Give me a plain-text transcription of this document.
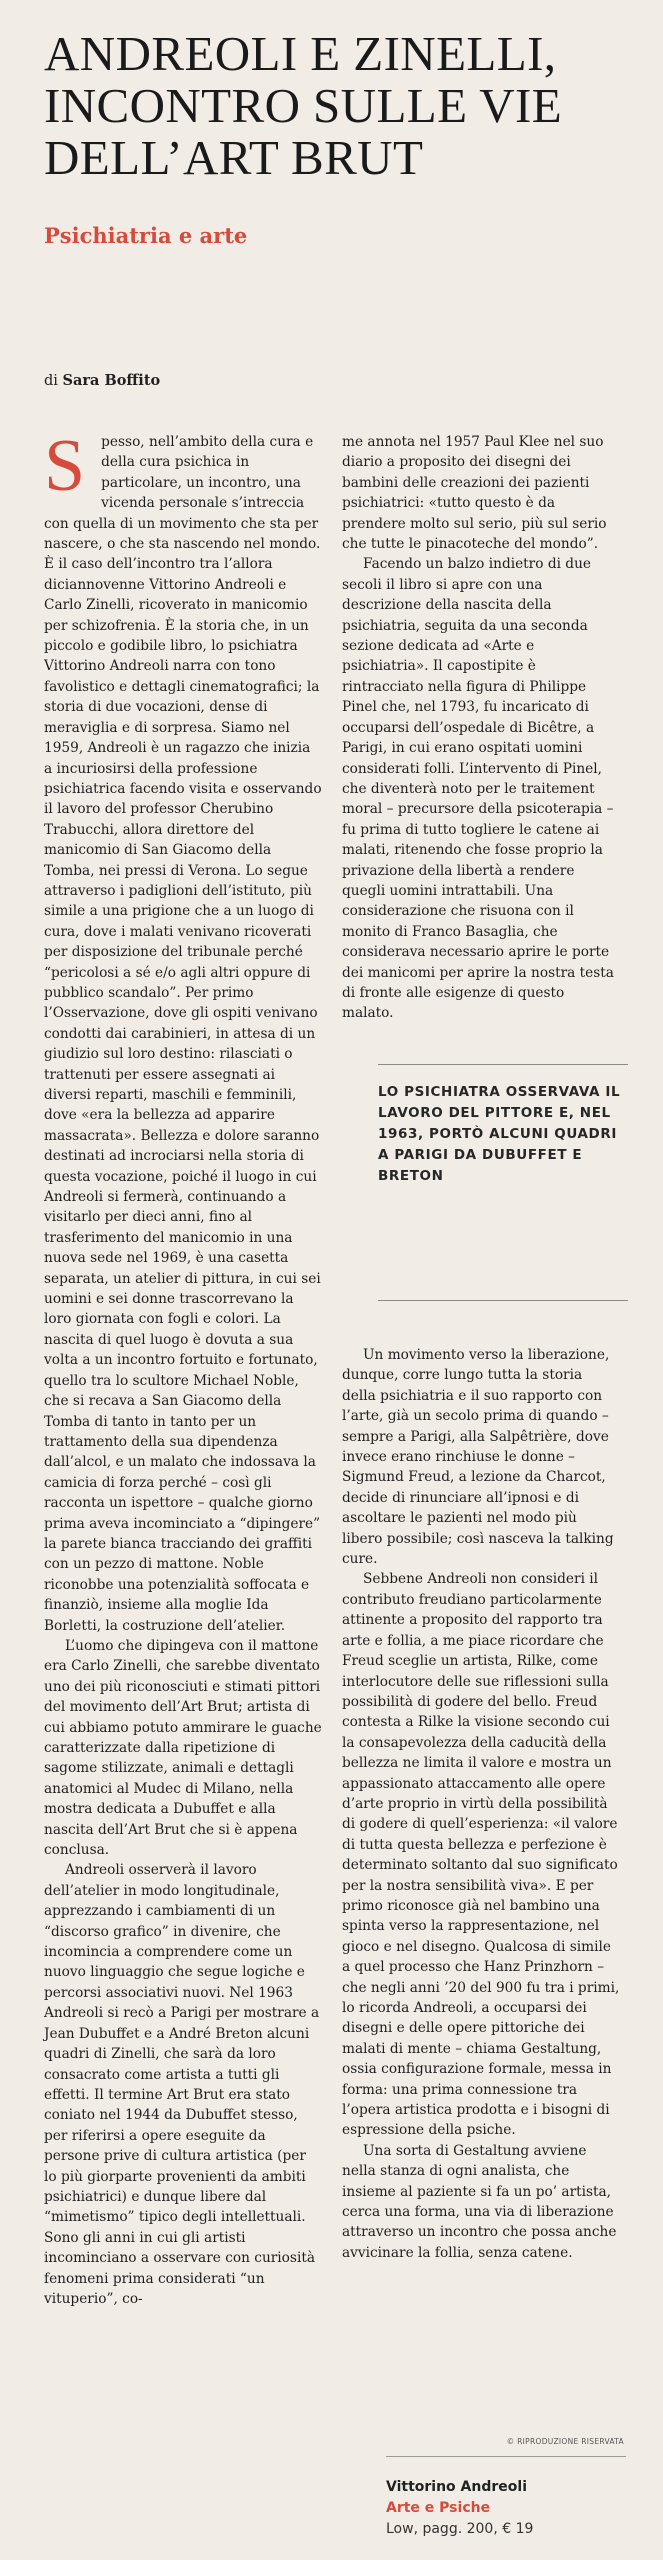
ANDREOLI E ZINELLI, INCONTRO SULLE VIE DELL’ART BRUT
Psichiatria e arte
di Sara Boffito

S pesso, nell’ambito della cura e della cura psichica in particolare, un incontro, una vicenda personale s’intreccia con quella di un movimento che sta per nascere, o che sta nascendo nel mondo. È il caso dell’incontro tra l’allora diciannovenne Vittorino Andreoli e Carlo Zinelli, ricoverato in manicomio per schizofrenia. È la storia che, in un piccolo e godibile libro, lo psichiatra Vittorino Andreoli narra con tono favolistico e dettagli cinematografici; la storia di due vocazioni, dense di meraviglia e di sorpresa. Siamo nel 1959, Andreoli è un ragazzo che inizia a incuriosirsi della professione psichiatrica facendo visita e osservando il lavoro del professor Cherubino Trabucchi, allora direttore del manicomio di San Giacomo della Tomba, nei pressi di Verona. Lo segue attraverso i padiglioni dell’istituto, più simile a una prigione che a un luogo di cura, dove i malati venivano ricoverati per disposizione del tribunale perché “pericolosi a sé e/o agli altri oppure di pubblico scandalo”. Per primo l’Osservazione, dove gli ospiti venivano condotti dai carabinieri, in attesa di un giudizio sul loro destino: rilasciati o trattenuti per essere assegnati ai diversi reparti, maschili e femminili, dove «era la bellezza ad apparire massacrata». Bellezza e dolore saranno destinati ad incrociarsi nella storia di questa vocazione, poiché il luogo in cui Andreoli si fermerà, continuando a visitarlo per dieci anni, fino al trasferimento del manicomio in una nuova sede nel 1969, è una casetta separata, un atelier di pittura, in cui sei uomini e sei donne trascorrevano la loro giornata con fogli e colori. La nascita di quel luogo è dovuta a sua volta a un incontro fortuito e fortunato, quello tra lo scultore Michael Noble, che si recava a San Giacomo della Tomba di tanto in tanto per un trattamento della sua dipendenza dall’alcol, e un malato che indossava la camicia di forza perché – così gli racconta un ispettore – qualche giorno prima aveva incominciato a “dipingere” la parete bianca tracciando dei graffiti con un pezzo di mattone. Noble riconobbe una potenzialità soffocata e finanziò, insieme alla moglie Ida Borletti, la costruzione dell’atelier.

L’uomo che dipingeva con il mattone era Carlo Zinelli, che sarebbe diventato uno dei più riconosciuti e stimati pittori del movimento dell’Art Brut; artista di cui abbiamo potuto ammirare le guache caratterizzate dalla ripetizione di sagome stilizzate, animali e dettagli anatomici al Mudec di Milano, nella mostra dedicata a Dubuffet e alla nascita dell’Art Brut che si è appena conclusa.

Andreoli osserverà il lavoro dell’atelier in modo longitudinale, apprezzando i cambiamenti di un “discorso grafico” in divenire, che incomincia a comprendere come un nuovo linguaggio che segue logiche e percorsi associativi nuovi. Nel 1963 Andreoli si recò a Parigi per mostrare a Jean Dubuffet e a André Breton alcuni quadri di Zinelli, che sarà da loro consacrato come artista a tutti gli effetti. Il termine Art Brut era stato coniato nel 1944 da Dubuffet stesso, per riferirsi a opere eseguite da persone prive di cultura artistica (per lo più giorparte provenienti da ambiti psichiatrici) e dunque libere dal “mimetismo” tipico degli intellettuali. Sono gli anni in cui gli artisti incominciano a osservare con curiosità fenomeni prima considerati “un vituperio”, co-

me annota nel 1957 Paul Klee nel suo diario a proposito dei disegni dei bambini delle creazioni dei pazienti psichiatrici: «tutto questo è da prendere molto sul serio, più sul serio che tutte le pinacoteche del mondo”.

Facendo un balzo indietro di due secoli il libro si apre con una descrizione della nascita della psichiatria, seguita da una seconda sezione dedicata ad «Arte e psichiatria». Il capostipite è rintracciato nella figura di Philippe Pinel che, nel 1793, fu incaricato di occuparsi dell’ospedale di Bicêtre, a Parigi, in cui erano ospitati uomini considerati folli. L’intervento di Pinel, che diventerà noto per le traitement moral – precursore della psicoterapia – fu prima di tutto togliere le catene ai malati, ritenendo che fosse proprio la privazione della libertà a rendere quegli uomini intrattabili. Una considerazione che risuona con il monito di Franco Basaglia, che considerava necessario aprire le porte dei manicomi per aprire la nostra testa di fronte alle esigenze di questo malato.

LO PSICHIATRA OSSERVAVA IL LAVORO DEL PITTORE E, NEL 1963, PORTÒ ALCUNI QUADRI A PARIGI DA DUBUFFET E BRETON

Un movimento verso la liberazione, dunque, corre lungo tutta la storia della psichiatria e il suo rapporto con l’arte, già un secolo prima di quando – sempre a Parigi, alla Salpêtrière, dove invece erano rinchiuse le donne – Sigmund Freud, a lezione da Charcot, decide di rinunciare all’ipnosi e di ascoltare le pazienti nel modo più libero possibile; così nasceva la talking cure.

Sebbene Andreoli non consideri il contributo freudiano particolarmente attinente a proposito del rapporto tra arte e follia, a me piace ricordare che Freud sceglie un artista, Rilke, come interlocutore delle sue riflessioni sulla possibilità di godere del bello. Freud contesta a Rilke la visione secondo cui la consapevolezza della caducità della bellezza ne limita il valore e mostra un appassionato attaccamento alle opere d’arte proprio in virtù della possibilità di godere di quell’esperienza: «il valore di tutta questa bellezza e perfezione è determinato soltanto dal suo significato per la nostra sensibilità viva». E per primo riconosce già nel bambino una spinta verso la rappresentazione, nel gioco e nel disegno. Qualcosa di simile a quel processo che Hanz Prinzhorn – che negli anni ’20 del 900 fu tra i primi, lo ricorda Andreoli, a occuparsi dei disegni e delle opere pittoriche dei malati di mente – chiama Gestaltung, ossia configurazione formale, messa in forma: una prima connessione tra l’opera artistica prodotta e i bisogni di espressione della psiche.

Una sorta di Gestaltung avviene nella stanza di ogni analista, che insieme al paziente si fa un po’ artista, cerca una forma, una via di liberazione attraverso un incontro che possa anche avvicinare la follia, senza catene.

© RIPRODUZIONE RISERVATA
Vittorino Andreoli
Arte e Psiche
Low, pagg. 200, € 19
